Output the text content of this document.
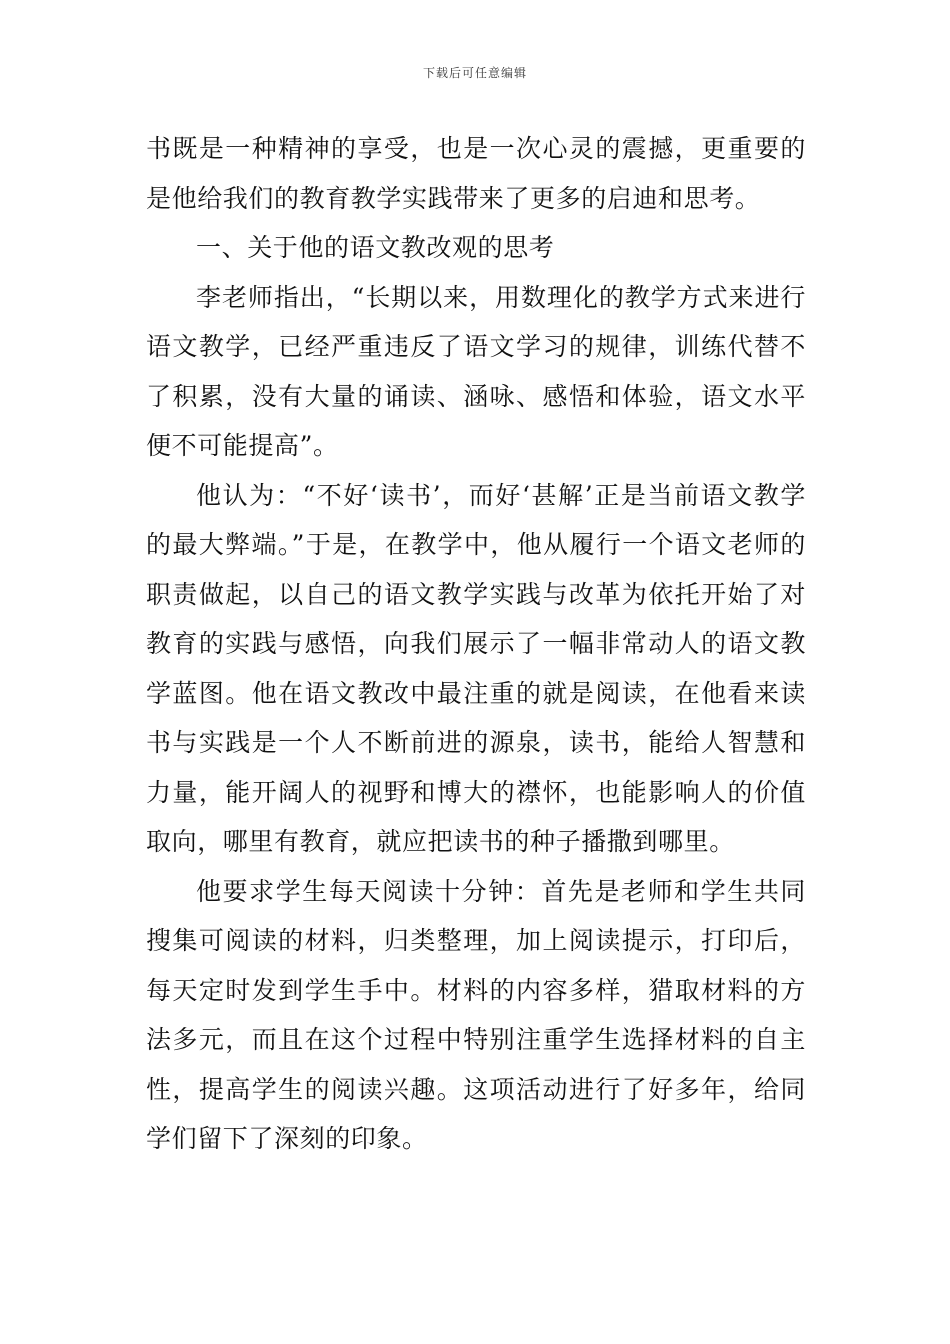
下载后可任意编辑

书既是一种精神的享受，也是一次心灵的震撼，更重要的是他给我们的教育教学实践带来了更多的启迪和思考。

一、关于他的语文教改观的思考

李老师指出，“长期以来，用数理化的教学方式来进行语文教学，已经严重违反了语文学习的规律，训练代替不了积累，没有大量的诵读、涵咏、感悟和体验，语文水平便不可能提高”。

他认为：“不好‘读书’，而好‘甚解’正是当前语文教学的最大弊端。”于是，在教学中，他从履行一个语文老师的职责做起，以自己的语文教学实践与改革为依托开始了对教育的实践与感悟，向我们展示了一幅非常动人的语文教学蓝图。他在语文教改中最注重的就是阅读，在他看来读书与实践是一个人不断前进的源泉，读书，能给人智慧和力量，能开阔人的视野和博大的襟怀，也能影响人的价值取向，哪里有教育，就应把读书的种子播撒到哪里。

他要求学生每天阅读十分钟：首先是老师和学生共同搜集可阅读的材料，归类整理，加上阅读提示，打印后，每天定时发到学生手中。材料的内容多样，猎取材料的方法多元，而且在这个过程中特别注重学生选择材料的自主性，提高学生的阅读兴趣。这项活动进行了好多年，给同学们留下了深刻的印象。
